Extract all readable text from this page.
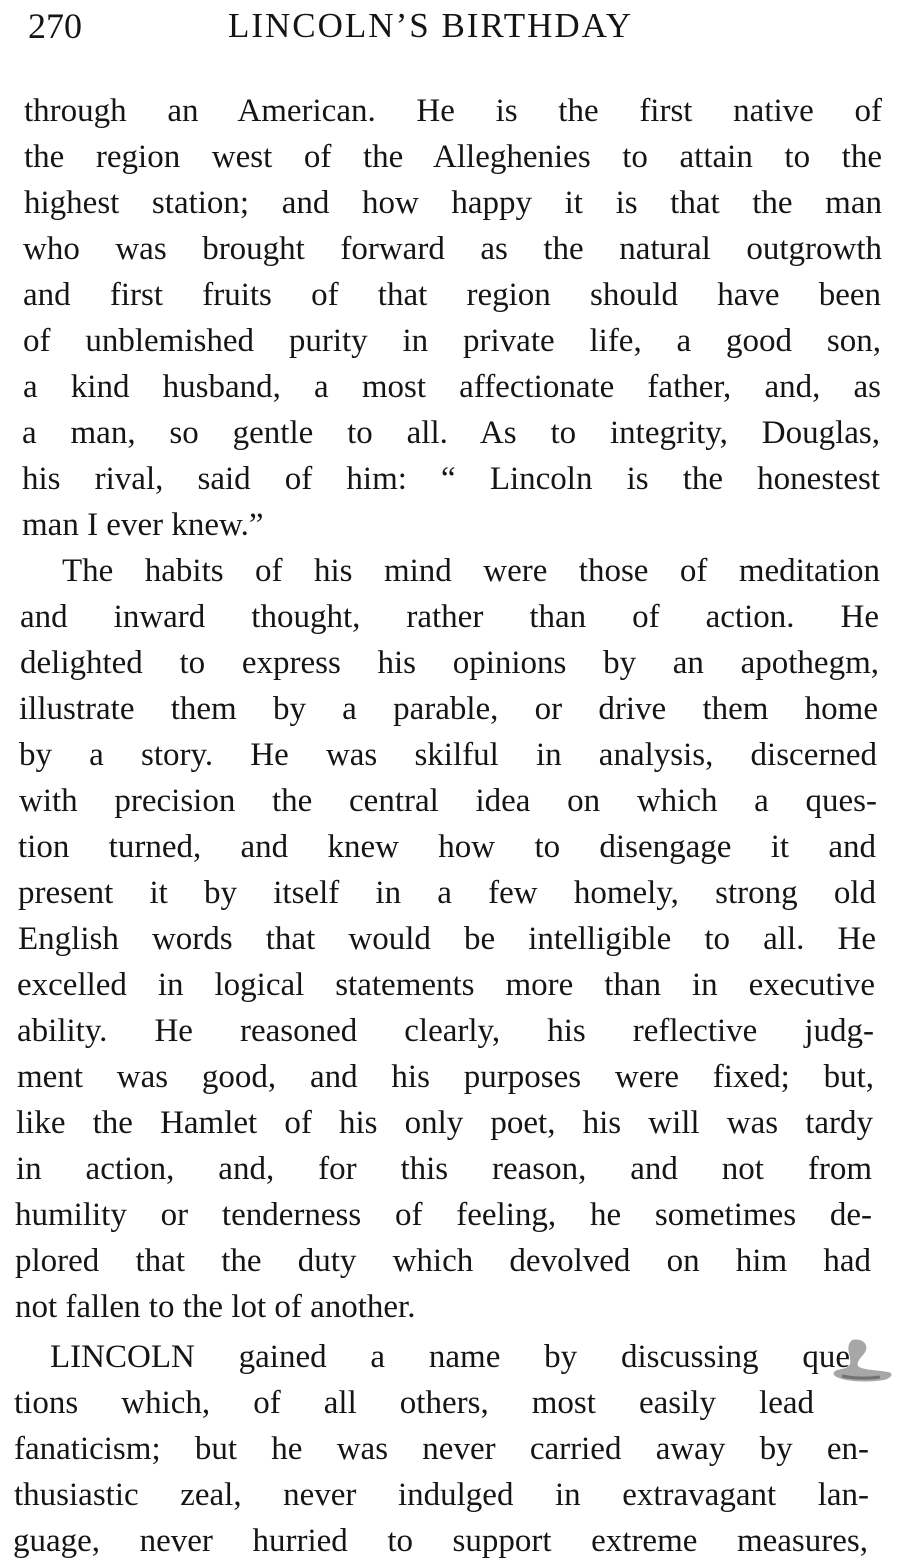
270	LINCOLN’S BIRTHDAY
through an American. He is the first native of
the region west of the Alleghenies to attain to the
highest station; and how happy it is that the man
who was brought forward as the natural outgrowth
and first fruits of that region should have been
of unblemished purity in private life, a good son,
a kind husband, a most affectionate father, and, as
a man, so gentle to all. As to integrity, Douglas,
his rival, said of him: “ Lincoln is the honestest
man I ever knew.”
The habits of his mind were those of meditation
and inward thought, rather than of action. He
delighted to express his opinions by an apothegm,
illustrate them by a parable, or drive them home
by a story. He was skilful in analysis, discerned
with precision the central idea on which a ques-
tion turned, and knew how to disengage it and
present it by itself in a few homely, strong old
English words that would be intelligible to all. He
excelled in logical statements more than in executive
ability. He reasoned clearly, his reflective judg-
ment was good, and his purposes were fixed; but,
like the Hamlet of his only poet, his will was tardy
in action, and, for this reason, and not from
humility or tenderness of feeling, he sometimes de-
plored that the duty which devolved on him had
not fallen to the lot of another.
LINCOLN gained a name by discussing que
tions which, of all others, most easily lead
fanaticism; but he was never carried away by en-
thusiastic zeal, never indulged in extravagant lan-
guage, never hurried to support extreme measures,
